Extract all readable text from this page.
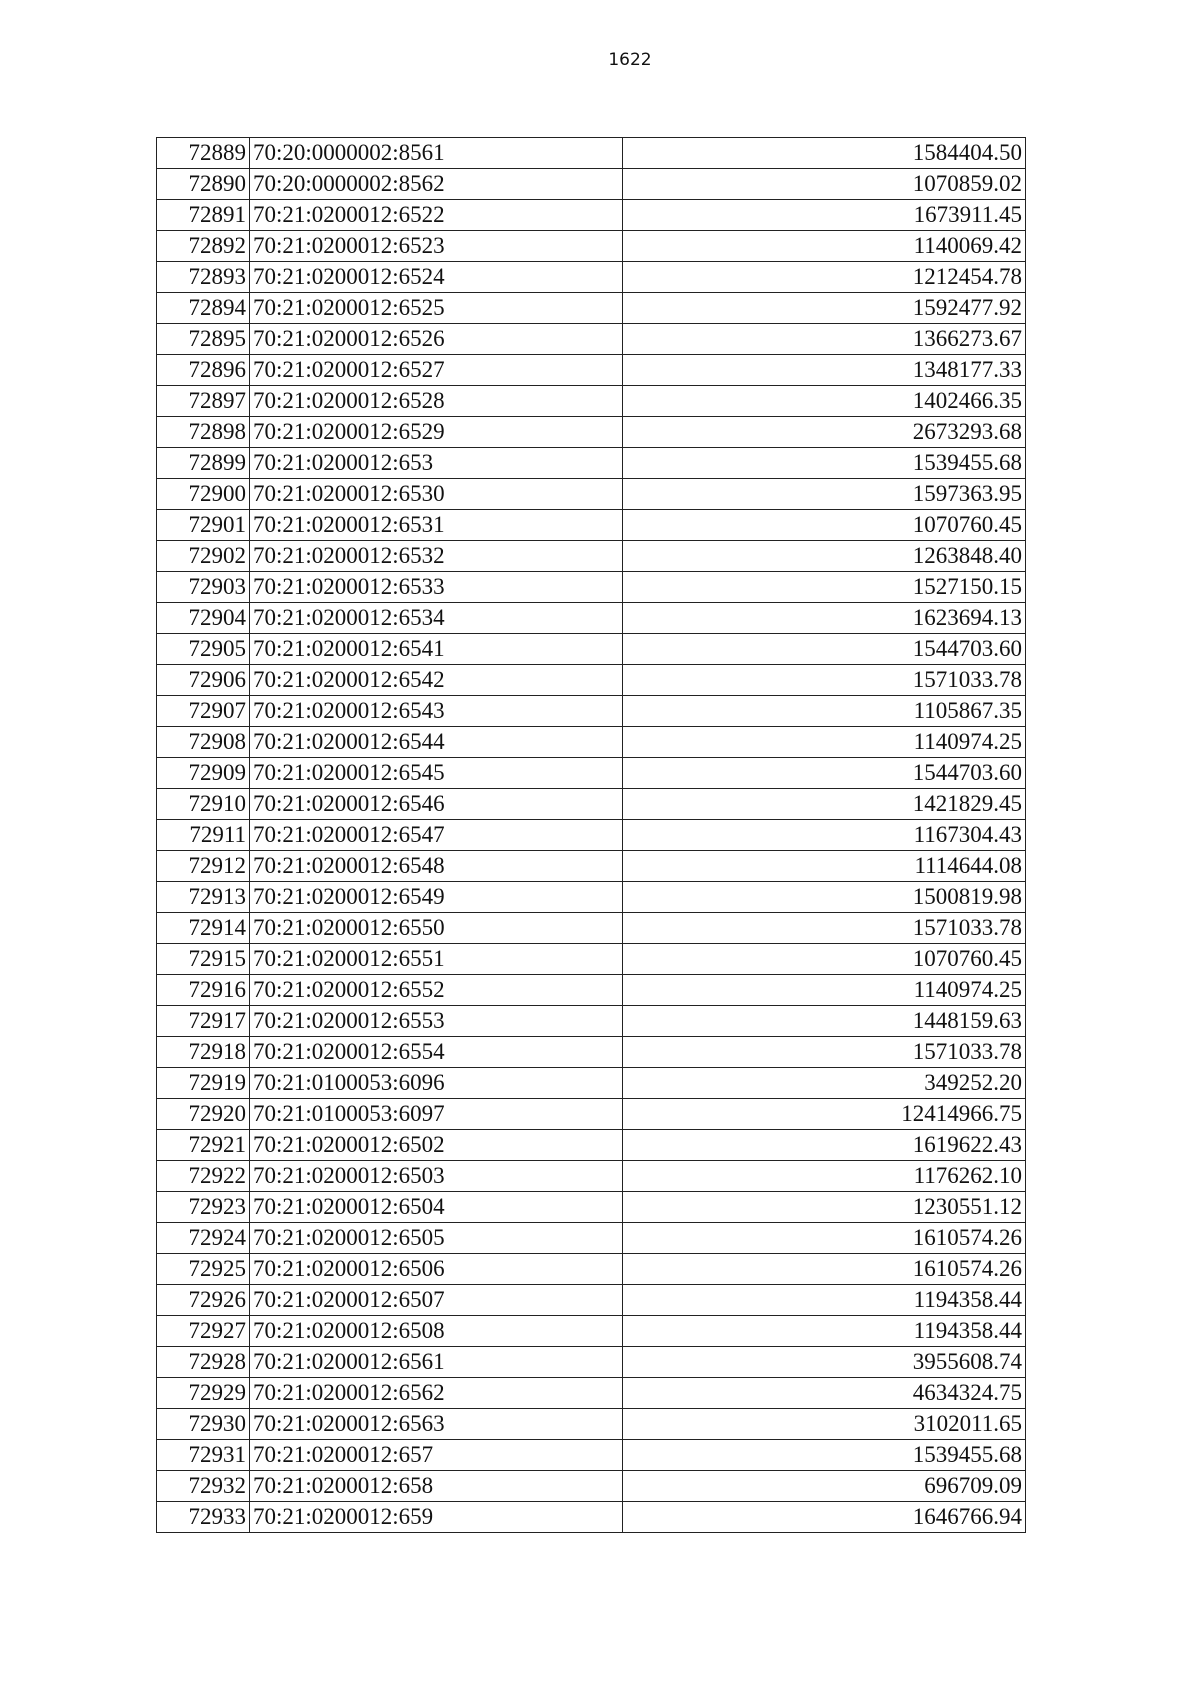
1622
72889	70:20:0000002:8561	1584404.50
72890	70:20:0000002:8562	1070859.02
72891	70:21:0200012:6522	1673911.45
72892	70:21:0200012:6523	1140069.42
72893	70:21:0200012:6524	1212454.78
72894	70:21:0200012:6525	1592477.92
72895	70:21:0200012:6526	1366273.67
72896	70:21:0200012:6527	1348177.33
72897	70:21:0200012:6528	1402466.35
72898	70:21:0200012:6529	2673293.68
72899	70:21:0200012:653	1539455.68
72900	70:21:0200012:6530	1597363.95
72901	70:21:0200012:6531	1070760.45
72902	70:21:0200012:6532	1263848.40
72903	70:21:0200012:6533	1527150.15
72904	70:21:0200012:6534	1623694.13
72905	70:21:0200012:6541	1544703.60
72906	70:21:0200012:6542	1571033.78
72907	70:21:0200012:6543	1105867.35
72908	70:21:0200012:6544	1140974.25
72909	70:21:0200012:6545	1544703.60
72910	70:21:0200012:6546	1421829.45
72911	70:21:0200012:6547	1167304.43
72912	70:21:0200012:6548	1114644.08
72913	70:21:0200012:6549	1500819.98
72914	70:21:0200012:6550	1571033.78
72915	70:21:0200012:6551	1070760.45
72916	70:21:0200012:6552	1140974.25
72917	70:21:0200012:6553	1448159.63
72918	70:21:0200012:6554	1571033.78
72919	70:21:0100053:6096	349252.20
72920	70:21:0100053:6097	12414966.75
72921	70:21:0200012:6502	1619622.43
72922	70:21:0200012:6503	1176262.10
72923	70:21:0200012:6504	1230551.12
72924	70:21:0200012:6505	1610574.26
72925	70:21:0200012:6506	1610574.26
72926	70:21:0200012:6507	1194358.44
72927	70:21:0200012:6508	1194358.44
72928	70:21:0200012:6561	3955608.74
72929	70:21:0200012:6562	4634324.75
72930	70:21:0200012:6563	3102011.65
72931	70:21:0200012:657	1539455.68
72932	70:21:0200012:658	696709.09
72933	70:21:0200012:659	1646766.94
